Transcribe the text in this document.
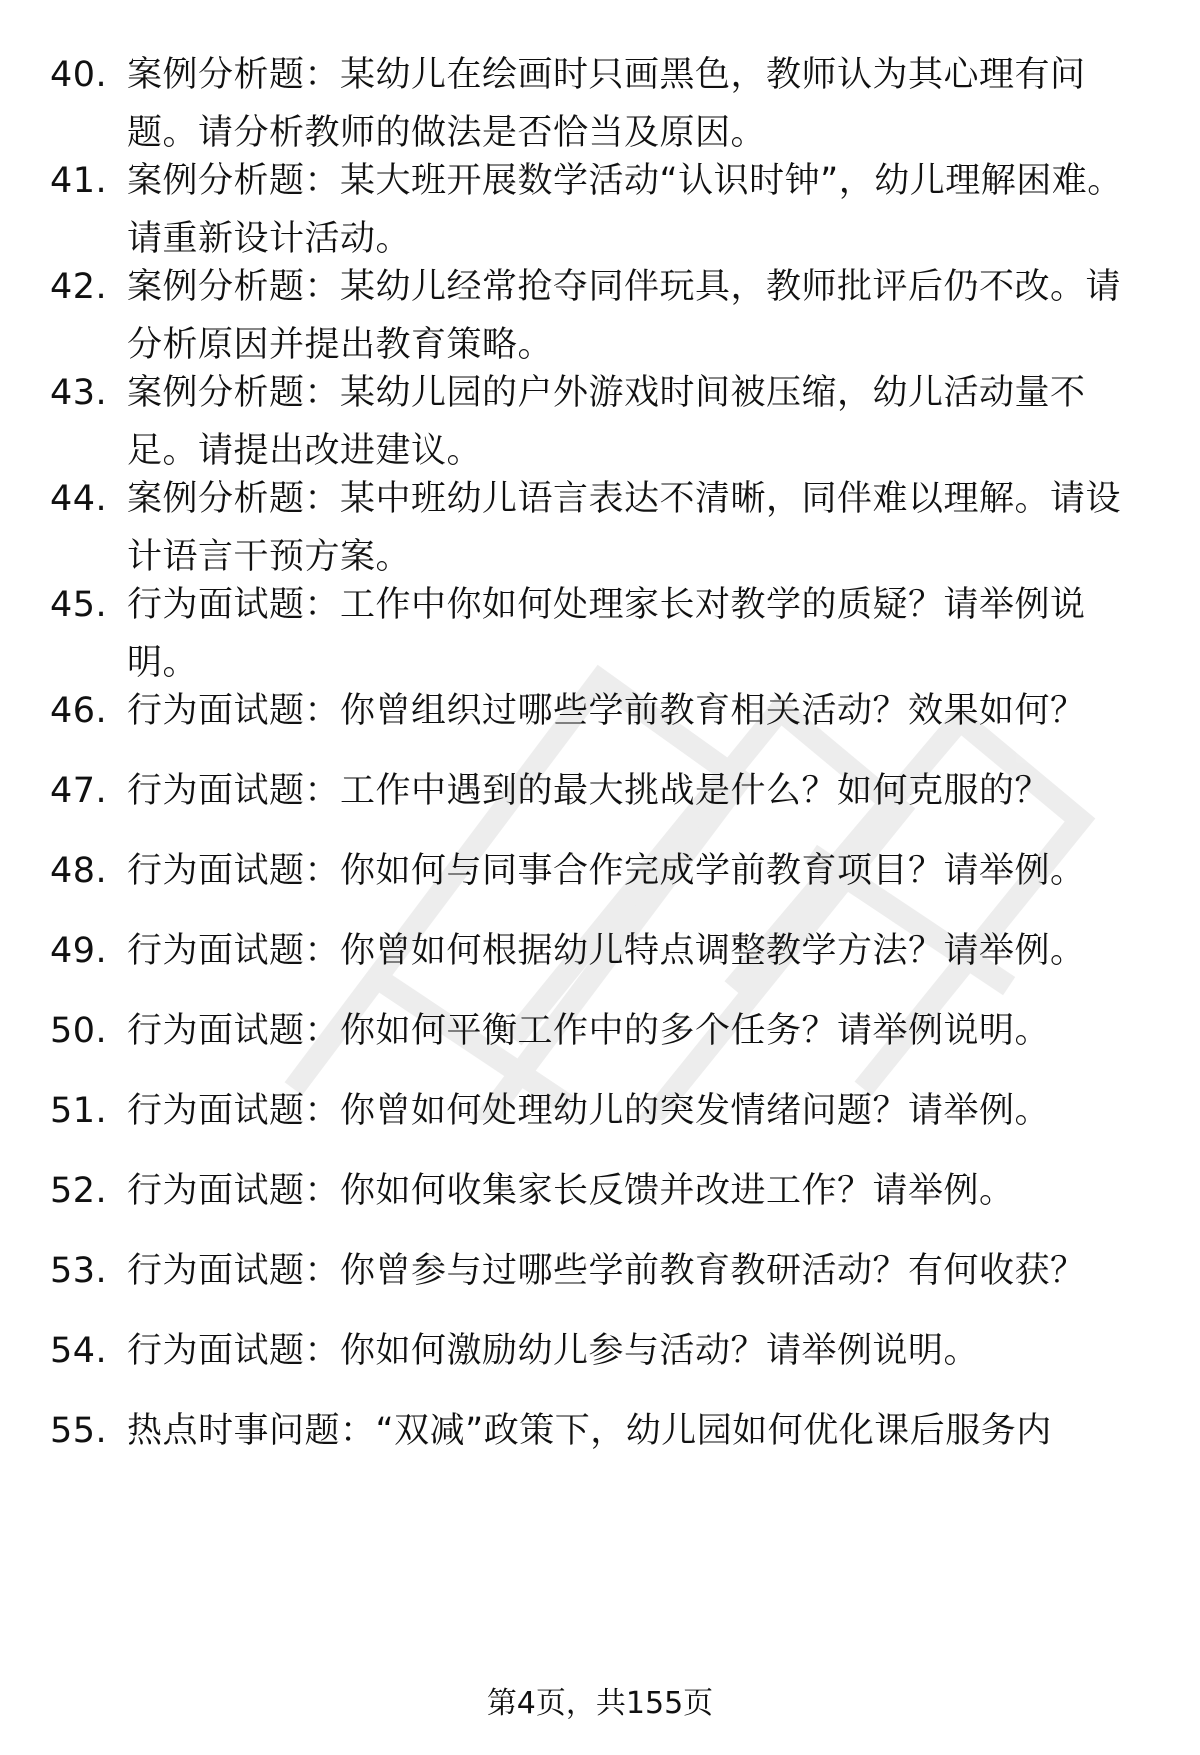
40. 案例分析题：某幼儿在绘画时只画黑色，教师认为其心理有问题。请分析教师的做法是否恰当及原因。
41. 案例分析题：某大班开展数学活动“认识时钟”，幼儿理解困难。请重新设计活动。
42. 案例分析题：某幼儿经常抢夺同伴玩具，教师批评后仍不改。请分析原因并提出教育策略。
43. 案例分析题：某幼儿园的户外游戏时间被压缩，幼儿活动量不足。请提出改进建议。
44. 案例分析题：某中班幼儿语言表达不清晰，同伴难以理解。请设计语言干预方案。
45. 行为面试题：工作中你如何处理家长对教学的质疑？请举例说明。
46. 行为面试题：你曾组织过哪些学前教育相关活动？效果如何？
47. 行为面试题：工作中遇到的最大挑战是什么？如何克服的？
48. 行为面试题：你如何与同事合作完成学前教育项目？请举例。
49. 行为面试题：你曾如何根据幼儿特点调整教学方法？请举例。
50. 行为面试题：你如何平衡工作中的多个任务？请举例说明。
51. 行为面试题：你曾如何处理幼儿的突发情绪问题？请举例。
52. 行为面试题：你如何收集家长反馈并改进工作？请举例。
53. 行为面试题：你曾参与过哪些学前教育教研活动？有何收获？
54. 行为面试题：你如何激励幼儿参与活动？请举例说明。
55. 热点时事问题：“双减”政策下，幼儿园如何优化课后服务内
第4页，共155页
